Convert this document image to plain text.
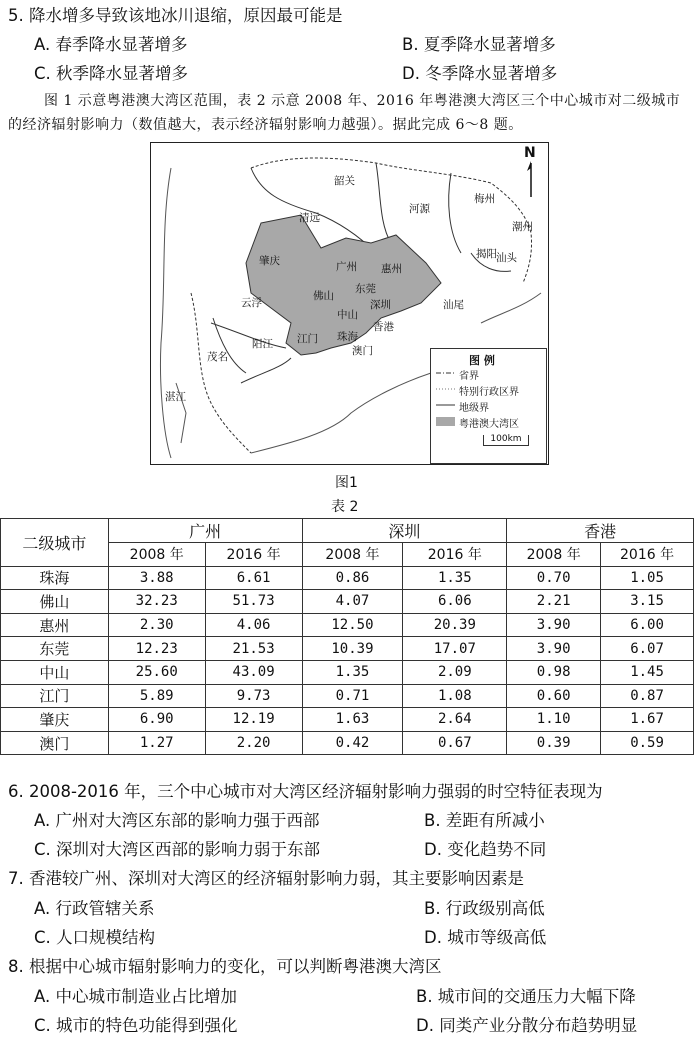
5. 降水增多导致该地冰川退缩，原因最可能是
A. 春季降水显著增多	B. 夏季降水显著增多
C. 秋季降水显著增多	D. 冬季降水显著增多
图 1 示意粤港澳大湾区范围，表 2 示意 2008 年、2016 年粤港澳大湾区三个中心城市对二级城市的经济辐射影响力（数值越大，表示经济辐射影响力越强）。据此完成 6～8 题。
N
韶关
清远
河源
梅州
潮州
揭阳 汕头
肇庆	广州 惠州
汕尾
佛山
东莞
深圳
云浮
中山
香港
江门 珠海
澳门
阳江
茂名
湛江
图 例
省界
特别行政区界
地级界
粤港澳大湾区
100km
图1
表 2
二级城市	广州		深圳		香港	
	2008 年	2016 年	2008 年	2016 年	2008 年	2016 年
珠海	3.88	6.61	0.86	1.35	0.70	1.05
佛山	32.23	51.73	4.07	6.06	2.21	3.15
惠州	2.30	4.06	12.50	20.39	3.90	6.00
东莞	12.23	21.53	10.39	17.07	3.90	6.07
中山	25.60	43.09	1.35	2.09	0.98	1.45
江门	5.89	9.73	0.71	1.08	0.60	0.87
肇庆	6.90	12.19	1.63	2.64	1.10	1.67
澳门	1.27	2.20	0.42	0.67	0.39	0.59
6. 2008-2016 年，三个中心城市对大湾区经济辐射影响力强弱的时空特征表现为
A. 广州对大湾区东部的影响力强于西部	B. 差距有所减小
C. 深圳对大湾区西部的影响力弱于东部	D. 变化趋势不同
7. 香港较广州、深圳对大湾区的经济辐射影响力弱，其主要影响因素是
A. 行政管辖关系	B. 行政级别高低
C. 人口规模结构	D. 城市等级高低
8. 根据中心城市辐射影响力的变化，可以判断粤港澳大湾区
A. 中心城市制造业占比增加	B. 城市间的交通压力大幅下降
C. 城市的特色功能得到强化	D. 同类产业分散分布趋势明显
